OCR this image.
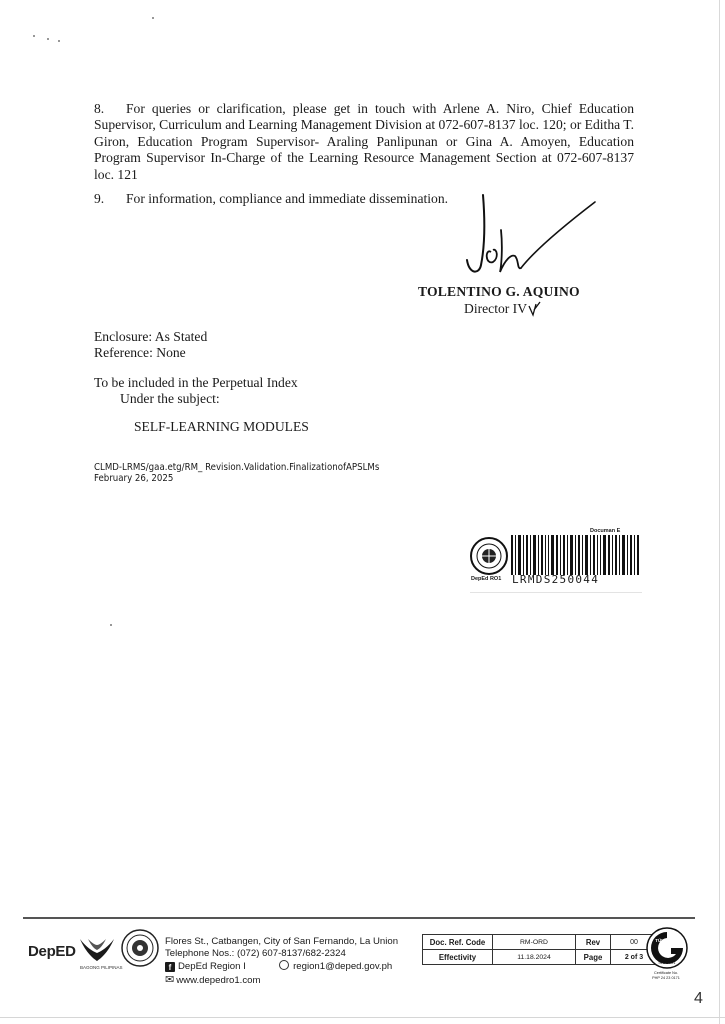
8. For queries or clarification, please get in touch with Arlene A. Niro, Chief Education Supervisor, Curriculum and Learning Management Division at 072-607-8137 loc. 120; or Editha T. Giron, Education Program Supervisor- Araling Panlipunan or Gina A. Amoyen, Education Program Supervisor In-Charge of the Learning Resource Management Section at 072-607-8137 loc. 121

9. For information, compliance and immediate dissemination.

TOLENTINO G. AQUINO
Director IV

Enclosure: As Stated

Reference: None

To be included in the Perpetual Index

Under the subject:

SELF-LEARNING MODULES

CLMD-LRMS/gaa.etg/RM_ Revision.Validation.FinalizationofAPSLMs
February 26, 2025
Documan E
DepEd RO1 LRMDS250044
DepED
BAGONG PILIPINAS
Flores St., Catbangen, City of San Fernando, La Union
Telephone Nos.: (072) 607-8137/682-2324
f DepEd Region I	region1@deped.gov.ph
✉ www.depedro1.com
Doc. Ref. Code	RM-ORD	Rev	00
Effectivity	11.18.2024	Page	2 of 3
TÜV NORD
ISO 9001
Certificate No. PHP 24 23 0171
4
